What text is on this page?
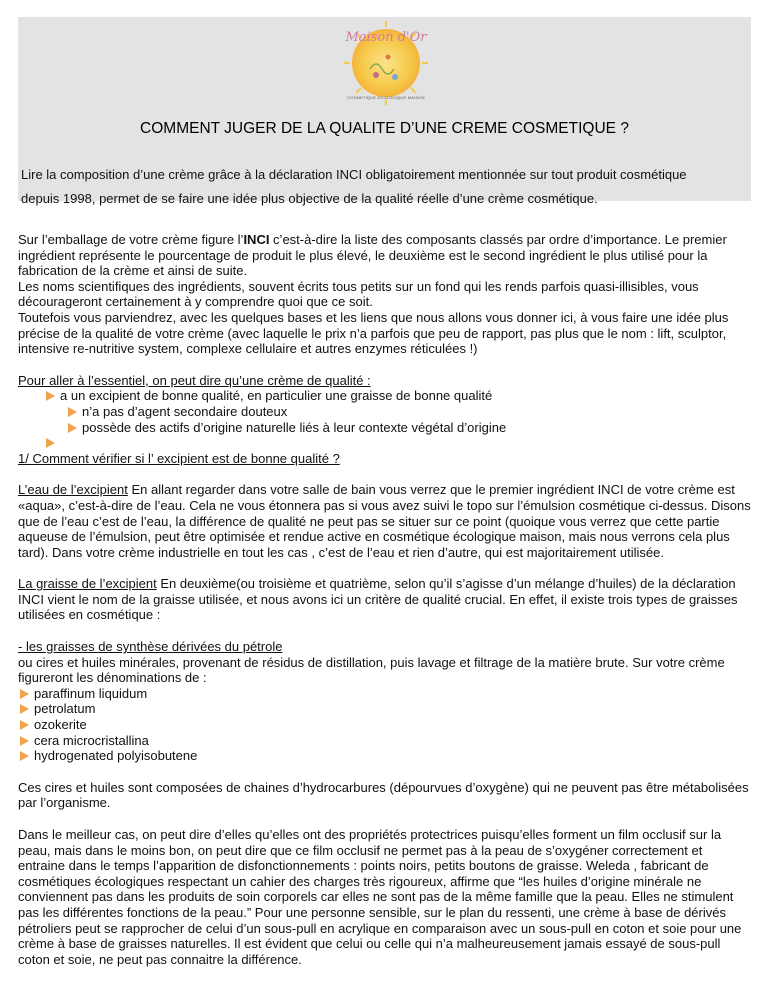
Maison d'Or
COSMETIQUE ECOLOGIQUE MAISON
COMMENT JUGER DE LA QUALITE D’UNE CREME COSMETIQUE ?
Lire la composition d’une crème grâce à la déclaration INCI obligatoirement mentionnée sur tout produit cosmétique
depuis 1998, permet de se faire une idée plus objective de la qualité réelle d’une crème cosmétique.

Sur l’emballage de votre crème figure l’INCI c’est-à-dire la liste des composants classés par ordre d’importance. Le premier ingrédient représente le pourcentage de produit le plus élevé, le deuxième est le second ingrédient le plus utilisé pour la fabrication de la crème et ainsi de suite.

Les noms scientifiques des ingrédients, souvent écrits tous petits sur un fond qui les rends parfois quasi-illisibles, vous décourageront certainement à y comprendre quoi que ce soit.

Toutefois vous parviendrez, avec les quelques bases et les liens que nous allons vous donner ici, à vous faire une idée plus précise de la qualité de votre crème (avec laquelle le prix n’a parfois que peu de rapport, pas plus que le nom : lift, sculptor, intensive re-nutritive system, complexe cellulaire et autres enzymes réticulées !)

Pour aller à l’essentiel, on peut dire qu’une crème de qualité :

a un excipient de bonne qualité, en particulier une graisse de bonne qualité
n’a pas d’agent secondaire douteux
possède des actifs d’origine naturelle liés à leur contexte végétal d’origine

1/ Comment vérifier si l’ excipient est de bonne qualité ?

L’eau de l’excipient En allant regarder dans votre salle de bain vous verrez que le premier ingrédient INCI de votre crème est «aqua», c’est-à-dire de l’eau. Cela ne vous étonnera pas si vous avez suivi le topo sur l’émulsion cosmétique ci-dessus. Disons que de l’eau c’est de l’eau, la différence de qualité ne peut pas se situer sur ce point (quoique vous verrez que cette partie aqueuse de l’émulsion, peut être optimisée et rendue active en cosmétique écologique maison, mais nous verrons cela plus tard). Dans votre crème industrielle en tout les cas , c’est de l’eau et rien d’autre, qui est majoritairement utilisée.

La graisse de l’excipient En deuxième(ou troisième et quatrième, selon qu’il s’agisse d’un mélange d’huiles) de la déclaration INCI vient le nom de la graisse utilisée, et nous avons ici un critère de qualité crucial. En effet, il existe trois types de graisses utilisées en cosmétique :

- les graisses de synthèse dérivées du pétrole

ou cires et huiles minérales, provenant de résidus de distillation, puis lavage et filtrage de la matière brute. Sur votre crème figureront les dénominations de :

paraffinum liquidum
petrolatum
ozokerite
cera microcristallina
hydrogenated polyisobutene

Ces cires et huiles sont composées de chaines d’hydrocarbures (dépourvues d’oxygène) qui ne peuvent pas être métabolisées par l’organisme.

Dans le meilleur cas, on peut dire d’elles qu’elles ont des propriétés protectrices puisqu’elles forment un film occlusif sur la peau, mais dans le moins bon, on peut dire que ce film occlusif ne permet pas à la peau de s’oxygéner correctement et entraine dans le temps l’apparition de disfonctionnements : points noirs, petits boutons de graisse. Weleda , fabricant de cosmétiques écologiques respectant un cahier des charges très rigoureux, affirme que “les huiles d’origine minérale ne conviennent pas dans les produits de soin corporels car elles ne sont pas de la même famille que la peau. Elles ne stimulent pas les différentes fonctions de la peau.” Pour une personne sensible, sur le plan du ressenti, une crème à base de dérivés pétroliers peut se rapprocher de celui d’un sous-pull en acrylique en comparaison avec un sous-pull en coton et soie pour une crème à base de graisses naturelles. Il est évident que celui ou celle qui n’a malheureusement jamais essayé de sous-pull coton et soie, ne peut pas connaitre la différence.
